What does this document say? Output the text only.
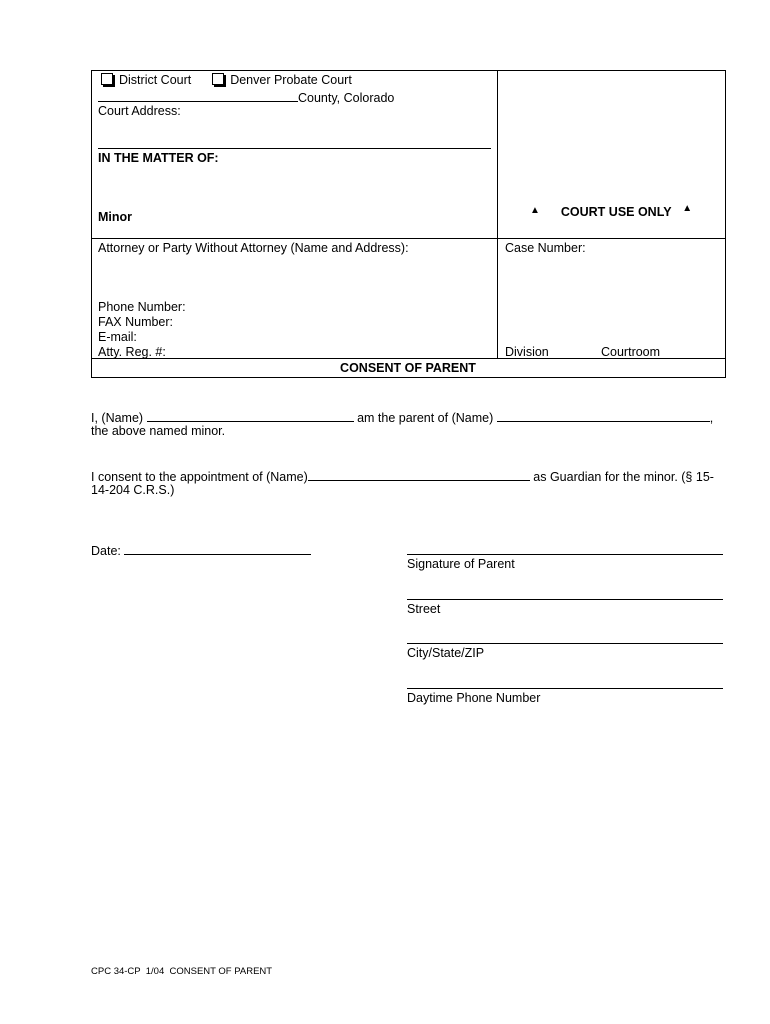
District Court	Denver Probate Court
County, Colorado
Court Address:
IN THE MATTER OF:
Minor	▲ COURT USE ONLY ▲
Attorney or Party Without Attorney (Name and Address):
Phone Number:
FAX Number:
E-mail:
Atty. Reg. #:
Case Number:
Division	Courtroom
CONSENT OF PARENT
I, (Name)	am the parent of (Name)	,
the above named minor.
I consent to the appointment of (Name)	as Guardian for the minor. (§ 15-
14-204 C.R.S.)
Date:
Signature of Parent
Street
City/State/ZIP
Daytime Phone Number
CPC 34-CP  1/04  CONSENT OF PARENT
